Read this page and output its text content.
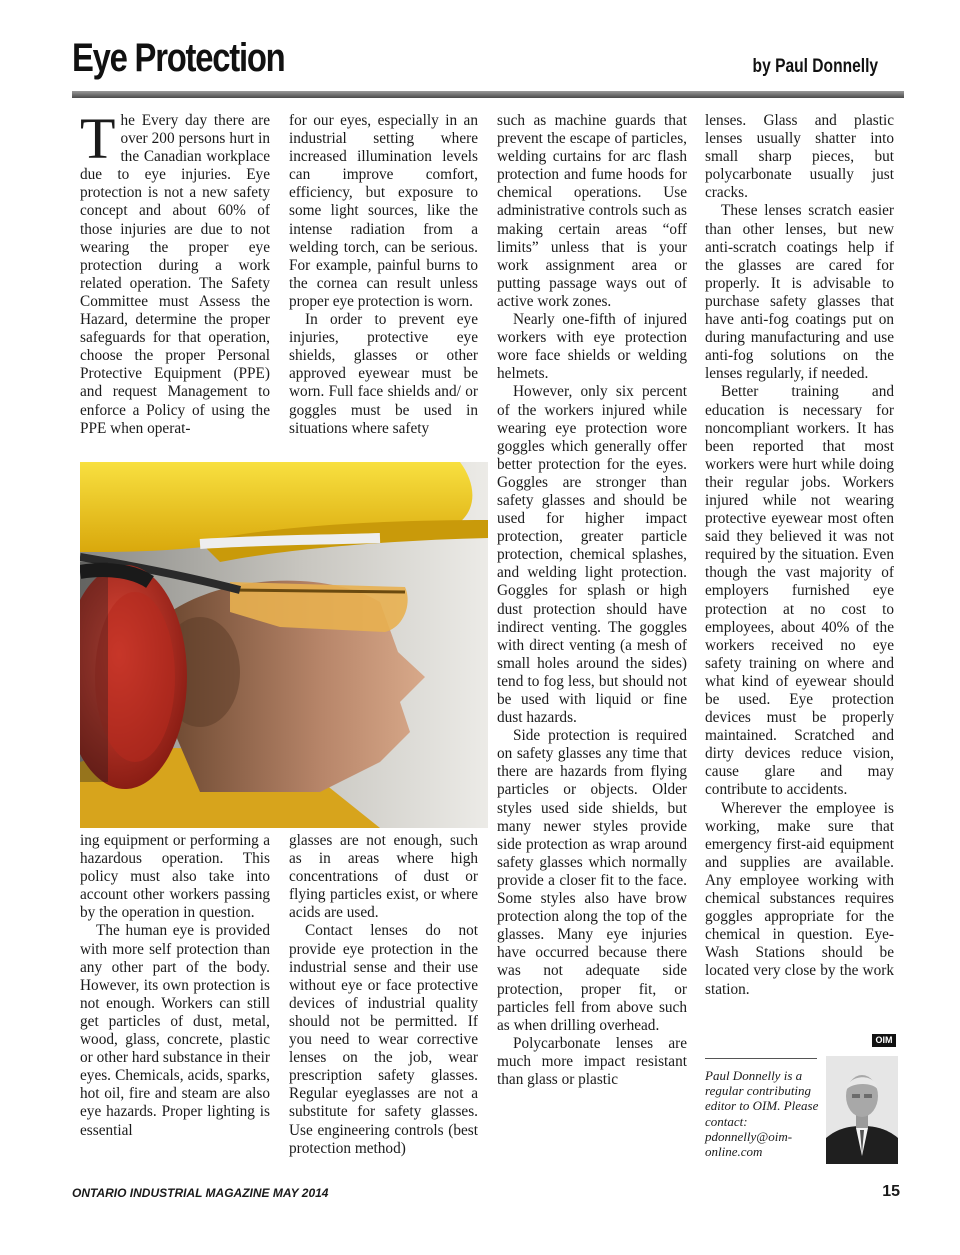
Eye Protection	by Paul Donnelly

The Every day there are over 200 persons hurt in the Canadian workplace due to eye injuries. Eye protection is not a new safety concept and about 60% of those injuries are due to not wearing the proper eye protection during a work related operation. The Safety Committee must Assess the Hazard, determine the proper safeguards for that operation, choose the proper Personal Protective Equipment (PPE) and request Management to enforce a Policy of using the PPE when operat-

for our eyes, especially in an industrial setting where increased illumination levels can improve comfort, efficiency, but exposure to some light sources, like the intense radiation from a welding torch, can be serious. For example, painful burns to the cornea can result unless proper eye protection is worn.

In order to prevent eye injuries, protective eye shields, glasses or other approved eyewear must be worn. Full face shields and/ or goggles must be used in situations where safety

ing equipment or performing a hazardous operation. This policy must also take into account other workers passing by the operation in question.

The human eye is provided with more self protection than any other part of the body. However, its own protection is not enough. Workers can still get particles of dust, metal, wood, glass, concrete, plastic or other hard substance in their eyes. Chemicals, acids, sparks, hot oil, fire and steam are also eye hazards. Proper lighting is essential

glasses are not enough, such as in areas where high concentrations of dust or flying particles exist, or where acids are used.

Contact lenses do not provide eye protection in the industrial sense and their use without eye or face protective devices of industrial quality should not be permitted. If you need to wear corrective lenses on the job, wear prescription safety glasses. Regular eyeglasses are not a substitute for safety glasses. Use engineering controls (best protection method)

such as machine guards that prevent the escape of particles, welding curtains for arc flash protection and fume hoods for chemical operations. Use administrative controls such as making certain areas “off limits” unless that is your work assignment area or putting passage ways out of active work zones.

Nearly one-fifth of injured workers with eye protection wore face shields or welding helmets.

However, only six percent of the workers injured while wearing eye protection wore goggles which generally offer better protection for the eyes. Goggles are stronger than safety glasses and should be used for higher impact protection, greater particle protection, chemical splashes, and welding light protection. Goggles for splash or high dust protection should have indirect venting. The goggles with direct venting (a mesh of small holes around the sides) tend to fog less, but should not be used with liquid or fine dust hazards.

Side protection is required on safety glasses any time that there are hazards from flying particles or objects. Older styles used side shields, but many newer styles provide side protection as wrap around safety glasses which normally provide a closer fit to the face. Some styles also have brow protection along the top of the glasses. Many eye injuries have occurred because there was not adequate side protection, proper fit, or particles fell from above such as when drilling overhead.

Polycarbonate lenses are much more impact resistant than glass or plastic

lenses. Glass and plastic lenses usually shatter into small sharp pieces, but polycarbonate usually just cracks.

These lenses scratch easier than other lenses, but new anti-scratch coatings help if the glasses are cared for properly. It is advisable to purchase safety glasses that have anti-fog coatings put on during manufacturing and use anti-fog solutions on the lenses regularly, if needed.

Better training and education is necessary for noncompliant workers. It has been reported that most workers were hurt while doing their regular jobs. Workers injured while not wearing protective eyewear most often said they believed it was not required by the situation. Even though the vast majority of employers furnished eye protection at no cost to employees, about 40% of the workers received no eye safety training on where and what kind of eyewear should be used. Eye protection devices must be properly maintained. Scratched and dirty devices reduce vision, cause glare and may contribute to accidents.

Wherever the employee is working, make sure that emergency first-aid equipment and supplies are available. Any employee working with chemical substances requires goggles appropriate for the chemical in question. Eye-Wash Stations should be located very close by the work station.

OIM
Paul Donnelly is a regular contributing editor to OIM. Please contact: pdonnelly@oim-online.com
ONTARIO INDUSTRIAL MAGAZINE MAY 2014	15
